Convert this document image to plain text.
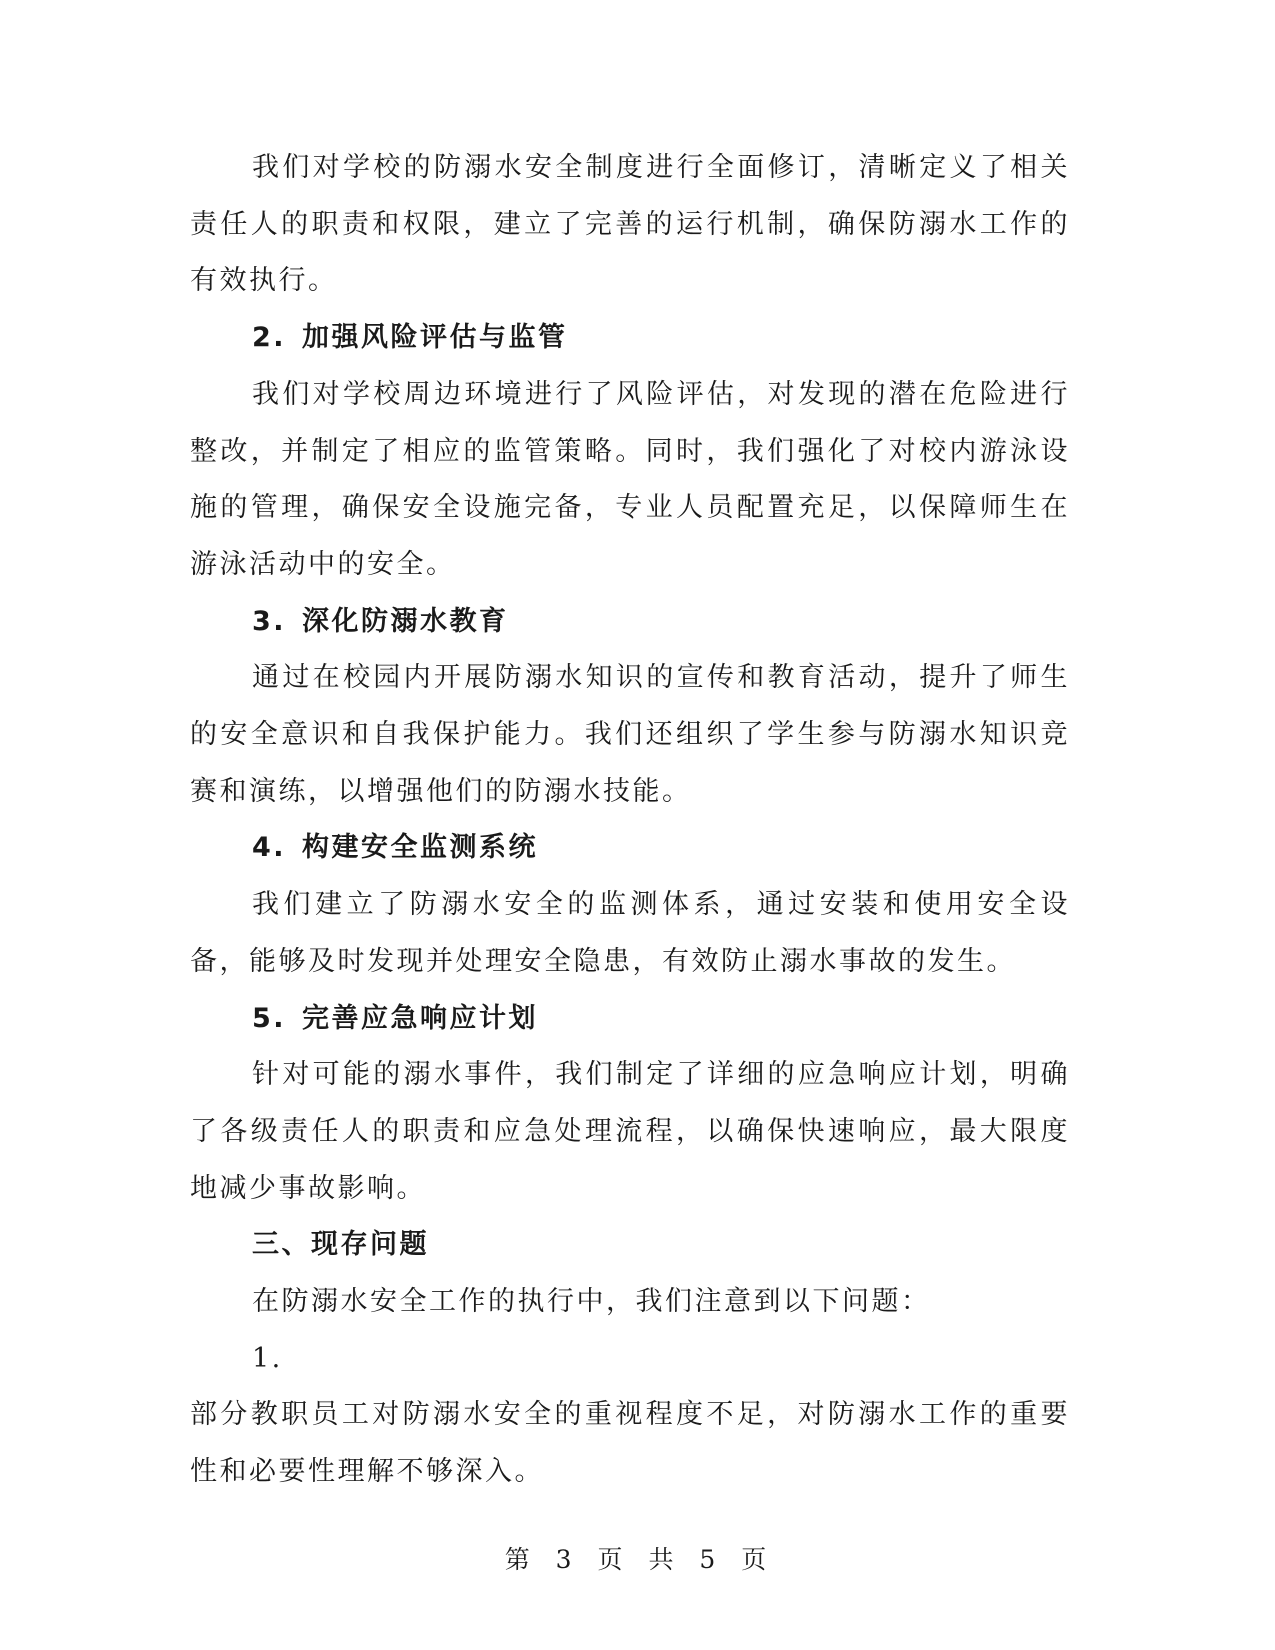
我们对学校的防溺水安全制度进行全面修订，清晰定义了相关责任人的职责和权限，建立了完善的运行机制，确保防溺水工作的有效执行。

2. 加强风险评估与监管

我们对学校周边环境进行了风险评估，对发现的潜在危险进行整改，并制定了相应的监管策略。同时，我们强化了对校内游泳设施的管理，确保安全设施完备，专业人员配置充足，以保障师生在游泳活动中的安全。

3. 深化防溺水教育

通过在校园内开展防溺水知识的宣传和教育活动，提升了师生的安全意识和自我保护能力。我们还组织了学生参与防溺水知识竞赛和演练，以增强他们的防溺水技能。

4. 构建安全监测系统

我们建立了防溺水安全的监测体系，通过安装和使用安全设备，能够及时发现并处理安全隐患，有效防止溺水事故的发生。

5. 完善应急响应计划

针对可能的溺水事件，我们制定了详细的应急响应计划，明确了各级责任人的职责和应急处理流程，以确保快速响应，最大限度地减少事故影响。

三、现存问题

在防溺水安全工作的执行中，我们注意到以下问题：

1.

部分教职员工对防溺水安全的重视程度不足，对防溺水工作的重要性和必要性理解不够深入。

第 3 页 共 5 页
